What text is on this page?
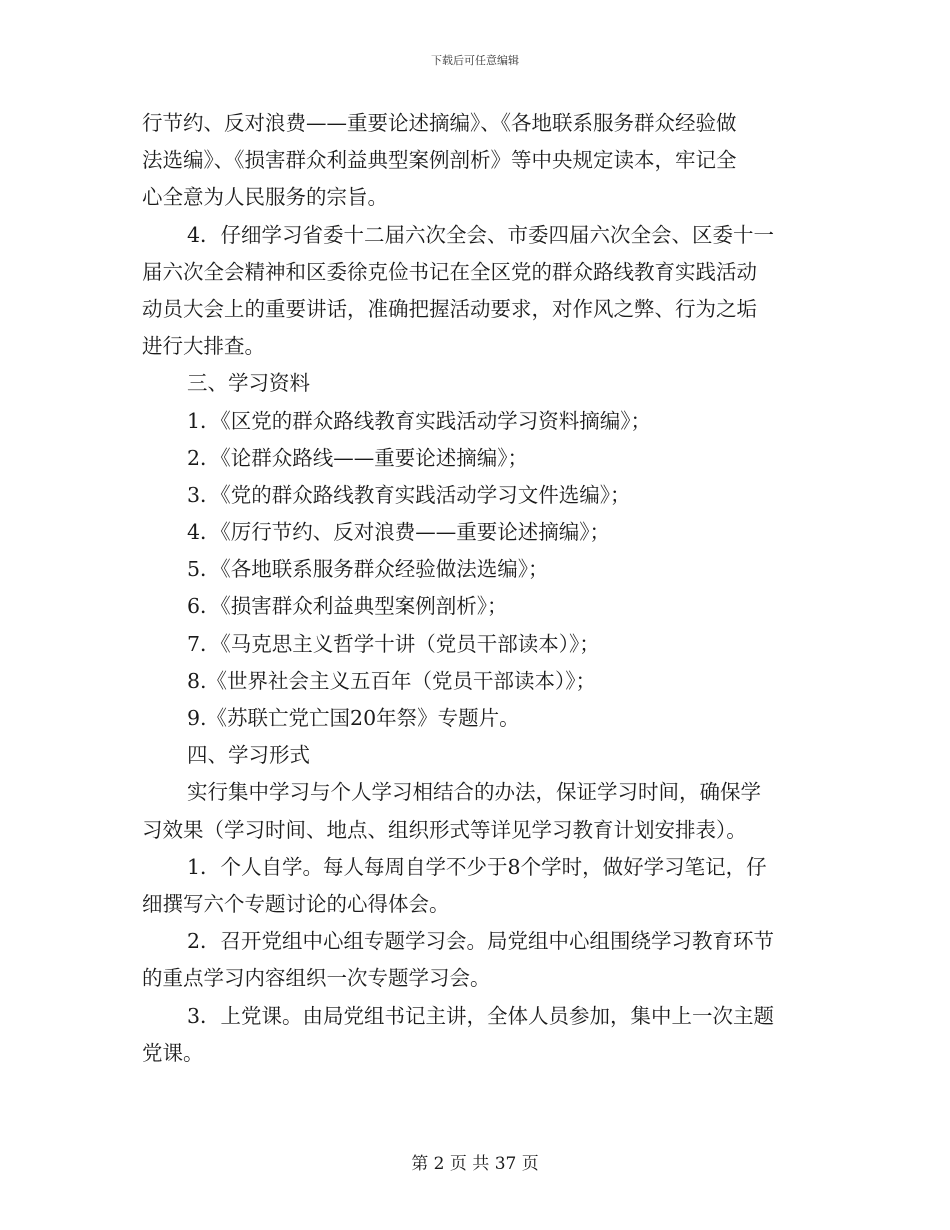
下载后可任意编辑
行节约、反对浪费——重要论述摘编》、《各地联系服务群众经验做
法选编》、《损害群众利益典型案例剖析》等中央规定读本，牢记全
心全意为人民服务的宗旨。
4．仔细学习省委十二届六次全会、市委四届六次全会、区委十一
届六次全会精神和区委徐克俭书记在全区党的群众路线教育实践活动
动员大会上的重要讲话，准确把握活动要求，对作风之弊、行为之垢
进行大排查。
三、学习资料
1．《区党的群众路线教育实践活动学习资料摘编》；
2．《论群众路线——重要论述摘编》；
3．《党的群众路线教育实践活动学习文件选编》；
4．《厉行节约、反对浪费——重要论述摘编》；
5．《各地联系服务群众经验做法选编》；
6．《损害群众利益典型案例剖析》；
7．《马克思主义哲学十讲（党员干部读本）》；
8.《世界社会主义五百年（党员干部读本）》；
9.《苏联亡党亡国20年祭》专题片。
四、学习形式
实行集中学习与个人学习相结合的办法，保证学习时间，确保学
习效果（学习时间、地点、组织形式等详见学习教育计划安排表）。
1．个人自学。每人每周自学不少于8个学时，做好学习笔记，仔
细撰写六个专题讨论的心得体会。
2．召开党组中心组专题学习会。局党组中心组围绕学习教育环节
的重点学习内容组织一次专题学习会。
3．上党课。由局党组书记主讲，全体人员参加，集中上一次主题
党课。
第 2 页 共 37 页
